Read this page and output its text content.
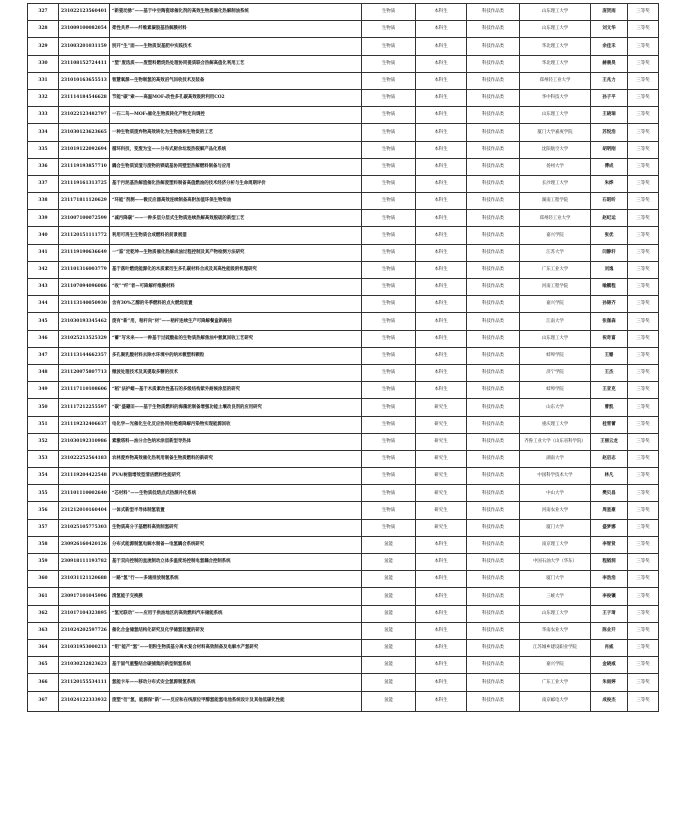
327	231022123560401	“新瓷动脉”——基于中空陶瓷球催化剂的高效生物质催化热解制油系统	生物质	本科生	科技作品类	山东理工大学	庞贺雨	三等奖
328	231009100082054	柔性共界——纤维素凝胶基热解膜材料	生物质	本科生	科技作品类	山东理工大学	刘文华	三等奖
329	231003201031159	别开“生”面——生物质炭基肥中实践技术	生物质	本科生	科技作品类	华北理工大学	余佳禾	三等奖
330	231108152724411	“塑”废选质——废塑料燃烧热处理协同提质联合热解高值化利用工艺	生物质	本科生	科技作品类	华北理工大学	赫晨昊	三等奖
331	231010163655513	智慧氧源—生物制氢的高效沼气回收技术及装备	生物质	本科生	科技作品类	郑州轻工业大学	王兆力	三等奖
332	231114184546628	节能“碳”索——高温MOF₅改性多孔碳高效吸附利用CO2	生物质	本科生	科技作品类	华中科技大学	孙子平	三等奖
333	231022123482797	一石二鸟—MOF₅催化生物质转化产物定向调控	生物质	本科生	科技作品类	山东理工大学	王晓瑞	三等奖
334	231030123623665	一种生物质废弃物高效转化为生物油和生物炭的工艺	生物质	本科生	科技作品类	厦门大学嘉庚学院	苏悦浩	三等奖
335	231019122092694	循环科技，变废为宝——分布式厨余垃圾热裂解产品化系统	生物质	本科生	科技作品类	沈阳航空大学	胡明刚	三等奖
336	231119193857710	耦合生物质炭渣与废物的镁硫基协同壁型热解燃料制备与应用	生物质	本科生	科技作品类	扬州大学	傅成	三等奖
337	231119161313725	基于污泥基热解渣催化热解废塑料制备高值燃油的技术经济分析与生命周期评价	生物质	本科生	科技作品类	长沙理工大学	朱烨	三等奖
338	231171811120629	“环能”剂测——微反应器高效连续制备高附加值环保生物柴油	生物质	本科生	科技作品类	湖南工程学院	石昭昕	三等奖
339	231007100072599	“减污降碳”——一种多层分层式生物质连续热解高效脱硫的新型工艺	生物质	本科生	科技作品类	郑州轻工业大学	赵纪运	三等奖
340	231120151111772	利用可再生生物质合成燃料的前景展望	生物质	本科生	科技作品类	嘉兴学院	张优	三等奖
341	231119190636649	一“鉴”定乾坤—生物质催化热解成油过程控制及其产物检测方法研究	生物质	本科生	科技作品类	江苏大学	闫静轩	三等奖
342	231101316003779	基于落叶燃烧能源化的木质素衍生多孔碳材料合成及其高性能吸附机理研究	生物质	本科生	科技作品类	广东工业大学	刘逸	三等奖
343	231107094096086	“收”“纤”者—可降解纤维膜材料	生物质	本科生	科技作品类	河南工程学院	喻鹏程	三等奖
344	231113140050930	含有30%乙醇的冬季燃料的点火燃烧装置	生物质	本科生	科技作品类	嘉兴学院	孙锦齐	三等奖
345	231030193345462	废有“新”用，秸秆向“材”——秸秆连续生产可降解餐盒新路径	生物质	本科生	科技作品类	江南大学	张珈森	三等奖
346	231025213525329	“蓄”写未来——一种基于过硫酸盐的生物质热解焦油中氨氮回收工艺研究	生物质	本科生	科技作品类	山东理工大学	祝奇富	三等奖
347	231113144662357	多孔聚乳酸材料去除水环境中的纳米微塑料颗粒	生物质	本科生	科技作品类	蚌埠学院	王姗	三等奖
348	231120075807713	微波处理技术及其提取多糖的技术	生物质	本科生	科技作品类	济宁学院	王杰	三等奖
349	231117110108606	“稻”法护蜡—基于木质素改性基石的多级结构紫外耐候涂层的研究	生物质	本科生	科技作品类	蚌埠学院	王亚克	三等奖
350	231117212255597	“碳”盛硼田——基于生物质燃料的海藻泥制备增强功能土壤改良剂的应用研究	生物质	研究生	科技作品类	山东大学	曹凯	三等奖
351	231119232406637	电化学—光催化生化反应协同杜绝难降解污染物实现能源回收	生物质	研究生	科技作品类	重庆理工大学	桂雪蕾	三等奖
352	231030192310986	素激塔料—油分合色纳米涂层新型导热体	生物质	研究生	科技作品类	齐鲁工业大学（山东省科学院）	王丽云龙	三等奖
353	231022252564183	农林废弃物高效催化热利用制备生物质燃料的新研究	生物质	研究生	科技作品类	湖南大学	赵启志	三等奖
354	231119204422548	PVA/树脂增效型清洁燃料性能研究	生物质	研究生	科技作品类	中国科学技术大学	林凡	三等奖
355	231101110002640	“芯材料”——生物质低熔点式热源并化系统	生物质	研究生	科技作品类	中山大学	樊贝昌	三等奖
356	231212010160404	一体式新型半导体制氢装置	生物质	研究生	科技作品类	河南农业大学	周星豪	三等奖
357	231025105775303	生物质高分子基燃料高效制氢研究	生物质	研究生	科技作品类	厦门大学	盛梦娜	三等奖
358	230926160420126	分布式能源制氢电解水制备—电氢耦合系统研究	氢能	本科生	科技作品类	南京理工大学	李智贤	三等奖
359	230918111193782	基于双向控制的直流制动立体多温度场控制电氢耦合控制系统	氢能	本科生	科技作品类	中国石油大学（华东）	程韬洞	三等奖
360	231031121120688	一路“氢”行——多通排放制氢系统	氢能	本科生	科技作品类	厦门大学	李浩浩	三等奖
361	230917101045996	清氢能子交换膜	氢能	本科生	科技作品类	三峡大学	李俊镶	三等奖
362	231017104323895	“氢光联动”——应用于供油地区的高效燃料汽车储能系统	氢能	本科生	科技作品类	山东理工大学	王子琦	三等奖
363	231024202597726	催化合金储氢结构化研究及化学储氢装置的研发	氢能	本科生	科技作品类	华南农业大学	陈业开	三等奖
364	231031953000213	“铝”能产“氢”——铝粉生物质基分离水复合材料高效制备及电解水产氢研究	氢能	本科生	科技作品类	江苏城乡建设职业学院	肖威	三等奖
365	231030232823623	基于固气重整结合碳捕集的新型制氢系统	氢能	本科生	科技作品类	嘉兴学院	金晓威	三等奖
366	231120155534111	氢能卡车——移动分布式安全氢源制氢系统	氢能	本科生	科技作品类	广东工业大学	朱雨婷	三等奖
367	231024122333932	废塑“衍”氢，能源保“新”——反应和在线原位甲醇氢能氢电池系统设计及其他低碳化性能	氢能	本科生	科技作品类	南京邮电大学	成俊杰	三等奖
